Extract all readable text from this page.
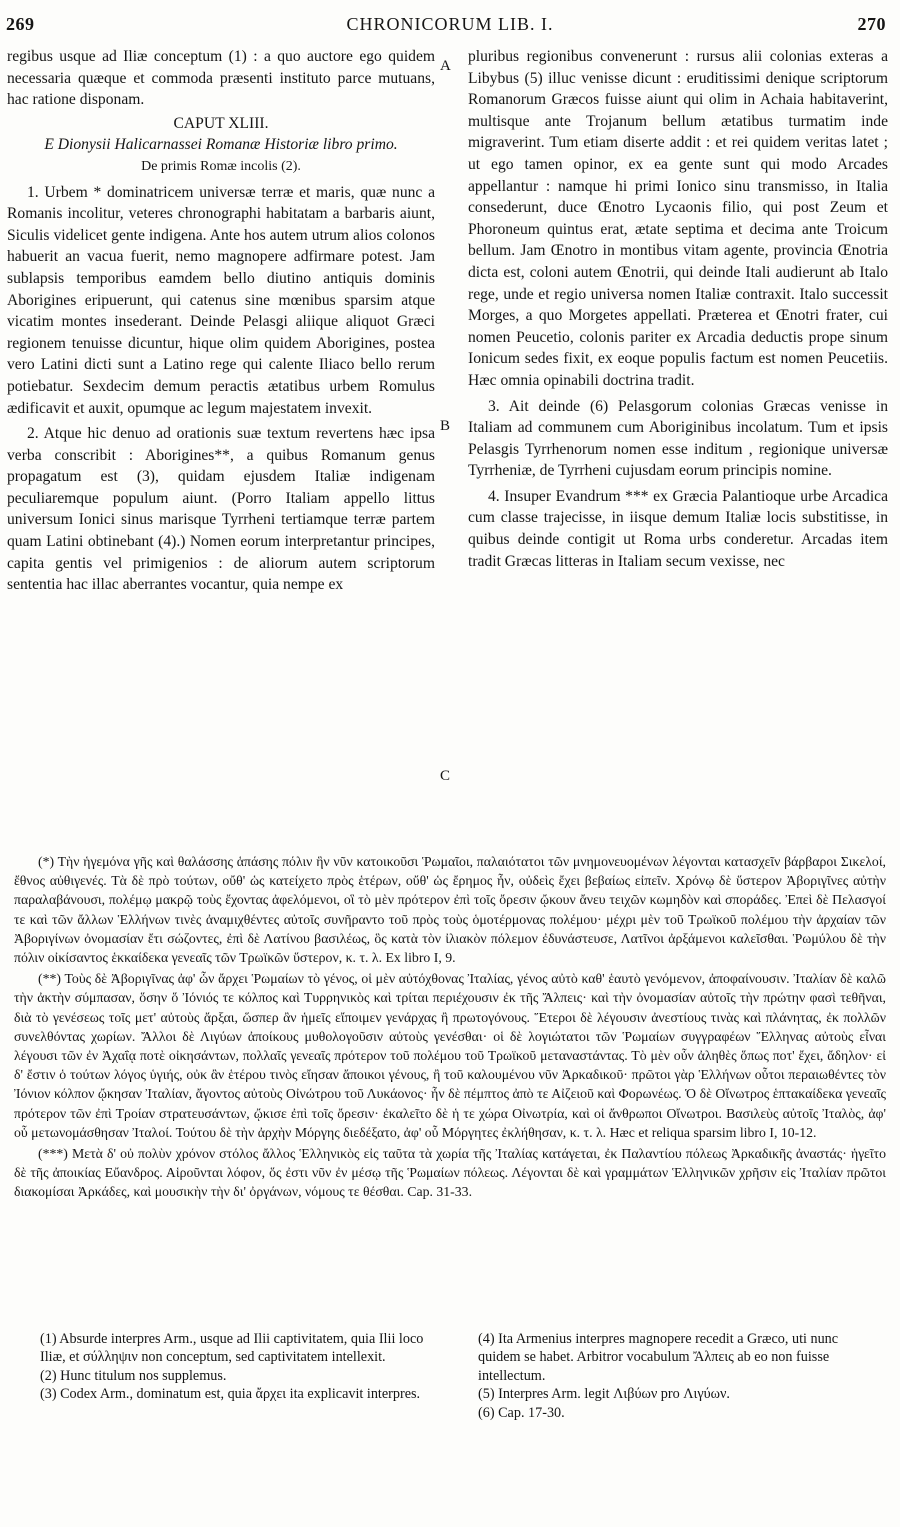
269	CHRONICORUM LIB. I.	270
A
B
C

regibus usque ad Iliæ conceptum (1) : a quo auctore ego quidem necessaria quæque et commoda præsenti instituto parce mutuans, hac ratione disponam.

CAPUT XLIII.
E Dionysii Halicarnassei Romanæ Historiæ libro primo.
De primis Romæ incolis (2).

1. Urbem * dominatricem universæ terræ et maris, quæ nunc a Romanis incolitur, veteres chronographi habitatam a barbaris aiunt, Siculis videlicet gente indigena. Ante hos autem utrum alios colonos habuerit an vacua fuerit, nemo magnopere adfirmare potest. Jam sublapsis temporibus eamdem bello diutino antiquis dominis Aborigines eripuerunt, qui catenus sine mœnibus sparsim atque vicatim montes insederant. Deinde Pelasgi aliique aliquot Græci regionem tenuisse dicuntur, hique olim quidem Aborigines, postea vero Latini dicti sunt a Latino rege qui calente Iliaco bello rerum potiebatur. Sexdecim demum peractis ætatibus urbem Romulus ædificavit et auxit, opumque ac legum majestatem invexit.

2. Atque hic denuo ad orationis suæ textum revertens hæc ipsa verba conscribit : Aborigines**, a quibus Romanum genus propagatum est (3), quidam ejusdem Italiæ indigenam peculiaremque populum aiunt. (Porro Italiam appello littus universum Ionici sinus marisque Tyrrheni tertiamque terræ partem quam Latini obtinebant (4).) Nomen eorum interpretantur principes, capita gentis vel primigenios : de aliorum autem scriptorum sententia hac illac aberrantes vocantur, quia nempe ex

pluribus regionibus convenerunt : rursus alii colonias exteras a Libybus (5) illuc venisse dicunt : eruditissimi denique scriptorum Romanorum Græcos fuisse aiunt qui olim in Achaia habitaverint, multisque ante Trojanum bellum ætatibus turmatim inde migraverint. Tum etiam diserte addit : et rei quidem veritas latet ; ut ego tamen opinor, ex ea gente sunt qui modo Arcades appellantur : namque hi primi Ionico sinu transmisso, in Italia consederunt, duce Œnotro Lycaonis filio, qui post Zeum et Phoroneum quintus erat, ætate septima et decima ante Troicum bellum. Jam Œnotro in montibus vitam agente, provincia Œnotria dicta est, coloni autem Œnotrii, qui deinde Itali audierunt ab Italo rege, unde et regio universa nomen Italiæ contraxit. Italo successit Morges, a quo Morgetes appellati. Præterea et Œnotri frater, cui nomen Peucetio, colonis pariter ex Arcadia deductis prope sinum Ionicum sedes fixit, ex eoque populis factum est nomen Peucetiis. Hæc omnia opinabili doctrina tradit.

3. Ait deinde (6) Pelasgorum colonias Græcas venisse in Italiam ad communem cum Aboriginibus incolatum. Tum et ipsis Pelasgis Tyrrhenorum nomen esse inditum , regionique universæ Tyrrheniæ, de Tyrrheni cujusdam eorum principis nomine.

4. Insuper Evandrum *** ex Græcia Palantioque urbe Arcadica cum classe trajecisse, in iisque demum Italiæ locis substitisse, in quibus deinde contigit ut Roma urbs conderetur. Arcadas item tradit Græcas litteras in Italiam secum vexisse, nec

(*) Τὴν ἡγεμόνα γῆς καὶ θαλάσσης ἁπάσης πόλιν ἣν νῦν κατοικοῦσι Ῥωμαῖοι, παλαιότατοι τῶν μνημονευομένων λέγονται κατασχεῖν βάρβαροι Σικελοί, ἔθνος αὐθιγενές. Τὰ δὲ πρὸ τούτων, οὔθ' ὡς κατείχετο πρὸς ἑτέρων, οὔθ' ὡς ἔρημος ἦν, οὐδεὶς ἔχει βεβαίως εἰπεῖν. Χρόνῳ δὲ ὕστερον Ἀβοριγῖνες αὐτὴν παραλαβάνουσι, πολέμῳ μακρῷ τοὺς ἔχοντας ἀφελόμενοι, οἳ τὸ μὲν πρότερον ἐπὶ τοῖς ὄρεσιν ᾤκουν ἄνευ τειχῶν κωμηδὸν καὶ σποράδες. Ἐπεὶ δὲ Πελασγοί τε καὶ τῶν ἄλλων Ἑλλήνων τινὲς ἀναμιχθέντες αὐτοῖς συνῆραντο τοῦ πρὸς τοὺς ὁμοτέρμονας πολέμου· μέχρι μὲν τοῦ Τρωϊκοῦ πολέμου τὴν ἀρχαίαν τῶν Ἀβοριγίνων ὀνομασίαν ἔτι σώζοντες, ἐπὶ δὲ Λατίνου βασιλέως, ὃς κατὰ τὸν ἰλιακὸν πόλεμον ἐδυνάστευσε, Λατῖνοι ἀρξάμενοι καλεῖσθαι. Ῥωμύλου δὲ τὴν πόλιν οἰκίσαντος ἑκκαίδεκα γενεαῖς τῶν Τρωϊκῶν ὕστερον, κ. τ. λ. Ex libro I, 9.

(**) Τοὺς δὲ Ἀβοριγῖνας ἀφ' ὧν ἄρχει Ῥωμαίων τὸ γένος, οἱ μὲν αὐτόχθονας Ἰταλίας, γένος αὐτὸ καθ' ἑαυτὸ γενόμενον, ἀποφαίνουσιν. Ἰταλίαν δὲ καλῶ τὴν ἀκτὴν σύμπασαν, ὅσην ὅ Ἰόνιός τε κόλπος καὶ Τυρρηνικὸς καὶ τρίται περιέχουσιν ἐκ τῆς Ἄλπεις· καὶ τὴν ὀνομασίαν αὐτοῖς τὴν πρώτην φασὶ τεθῆναι, διὰ τὸ γενέσεως τοῖς μετ' αὐτοὺς ἄρξαι, ὥσπερ ἂν ἡμεῖς εἴποιμεν γενάρχας ἢ πρωτογόνους. Ἕτεροι δὲ λέγουσιν ἀνεστίους τινὰς καὶ πλάνητας, ἐκ πολλῶν συνελθόντας χωρίων. Ἄλλοι δὲ Λιγύων ἀποίκους μυθολογοῦσιν αὐτοὺς γενέσθαι· οἱ δὲ λογιώτατοι τῶν Ῥωμαίων συγγραφέων Ἕλληνας αὐτοὺς εἶναι λέγουσι τῶν ἐν Ἀχαΐᾳ ποτὲ οἰκησάντων, πολλαῖς γενεαῖς πρότερον τοῦ πολέμου τοῦ Τρωϊκοῦ μεταναστάντας. Τὸ μὲν οὖν ἀληθὲς ὅπως ποτ' ἔχει, ἄδηλον· εἰ δ' ἔστιν ὁ τούτων λόγος ὑγιής, οὐκ ἂν ἑτέρου τινὸς εἴησαν ἄποικοι γένους, ἢ τοῦ καλουμένου νῦν Ἀρκαδικοῦ· πρῶτοι γὰρ Ἑλλήνων οὗτοι περαιωθέντες τὸν Ἰόνιον κόλπον ᾤκησαν Ἰταλίαν, ἄγοντος αὐτοὺς Οἰνώτρου τοῦ Λυκάονος· ἦν δὲ πέμπτος ἀπὸ τε Αἰζειοῦ καὶ Φορωνέως. Ὁ δὲ Οἴνωτρος ἑπτακαίδεκα γενεαῖς πρότερον τῶν ἐπὶ Τροίαν στρατευσάντων, ᾤκισε ἐπὶ τοῖς ὄρεσιν· ἐκαλεῖτο δὲ ἡ τε χώρα Οἰνωτρία, καὶ οἱ ἄνθρωποι Οἴνωτροι. Βασιλεὺς αὐτοῖς Ἰταλὸς, ἀφ' οὗ μετωνομάσθησαν Ἰταλοί. Τούτου δὲ τὴν ἀρχὴν Μόργης διεδέξατο, ἀφ' οὗ Μόργητες ἐκλήθησαν, κ. τ. λ. Hæc et reliqua sparsim libro I, 10-12.

(***) Μετὰ δ' οὐ πολὺν χρόνον στόλος ἄλλος Ἑλληνικὸς εἰς ταῦτα τὰ χωρία τῆς Ἰταλίας κατάγεται, ἐκ Παλαντίου πόλεως Ἀρκαδικῆς ἀναστάς· ἡγεῖτο δὲ τῆς ἀποικίας Εὔανδρος. Αἱροῦνται λόφον, ὅς ἐστι νῦν ἐν μέσῳ τῆς Ῥωμαίων πόλεως. Λέγονται δὲ καὶ γραμμάτων Ἑλληνικῶν χρῆσιν εἰς Ἰταλίαν πρῶτοι διακομίσαι Ἀρκάδες, καὶ μουσικὴν τὴν δι' ὀργάνων, νόμους τε θέσθαι. Cap. 31-33.

(1) Absurde interpres Arm., usque ad Ilii captivitatem, quia Ilii loco Iliæ, et σύλληψιν non conceptum, sed captivitatem intellexit.

(2) Hunc titulum nos supplemus.

(3) Codex Arm., dominatum est, quia ἄρχει ita explicavit interpres.

(4) Ita Armenius interpres magnopere recedit a Græco, uti nunc quidem se habet. Arbitror vocabulum Ἄλπεις ab eo non fuisse intellectum.

(5) Interpres Arm. legit Λιβύων pro Λιγύων.

(6) Cap. 17-30.
